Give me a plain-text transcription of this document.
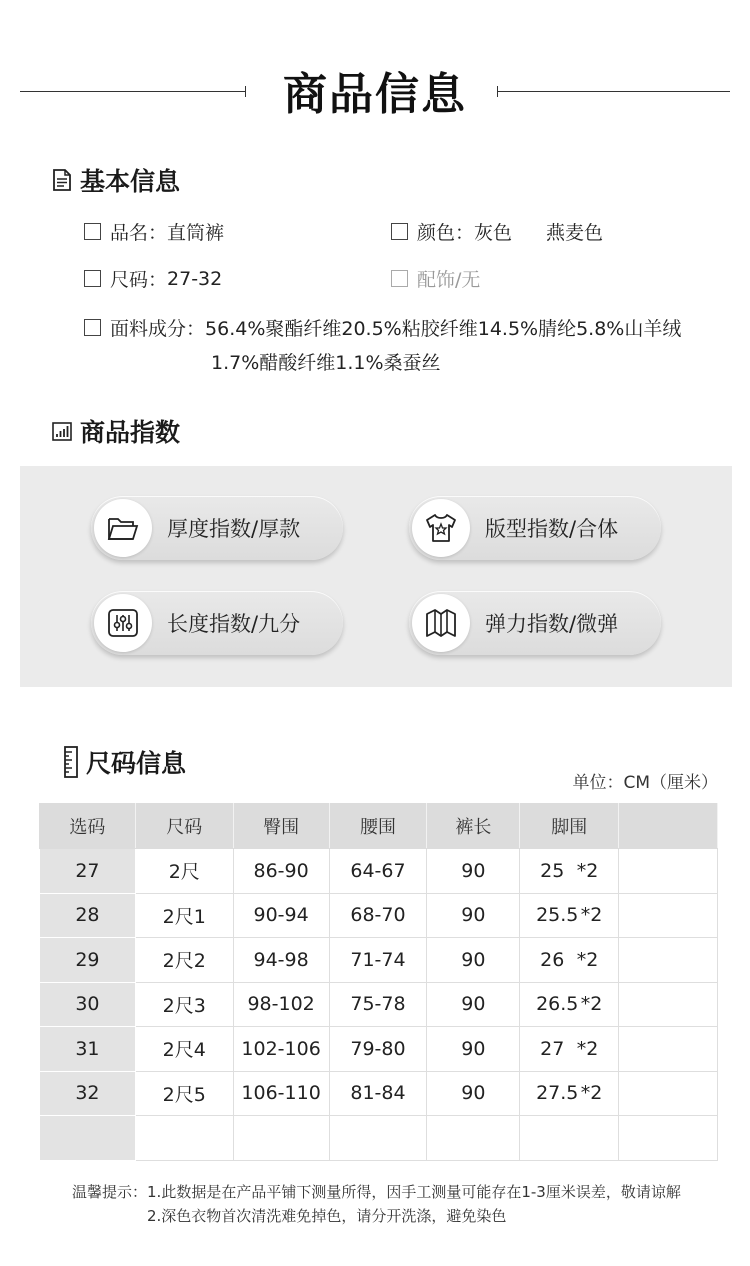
商品信息
基本信息
品名： 直筒裤	颜色： 灰色 燕麦色
尺码： 27-32	配饰/无
面料成分： 56.4%聚酯纤维20.5%粘胶纤维14.5%腈纶5.8%山羊绒
1.7%醋酸纤维1.1%桑蚕丝
商品指数
厚度指数/厚款	版型指数/合体
长度指数/九分	弹力指数/微弹
尺码信息
单位：CM（厘米）
选码	尺码	臀围	腰围	裤长	脚围	
27	2尺	86-90	64-67	90	25 *2	
28	2尺1	90-94	68-70	90	25.5 *2	
29	2尺2	94-98	71-74	90	26 *2	
30	2尺3	98-102	75-78	90	26.5 *2	
31	2尺4	102-106	79-80	90	27 *2	
32	2尺5	106-110	81-84	90	27.5 *2	

温馨提示：1.此数据是在产品平铺下测量所得，因手工测量可能存在1-3厘米误差，敬请谅解
2.深色衣物首次清洗难免掉色，请分开洗涤，避免染色
